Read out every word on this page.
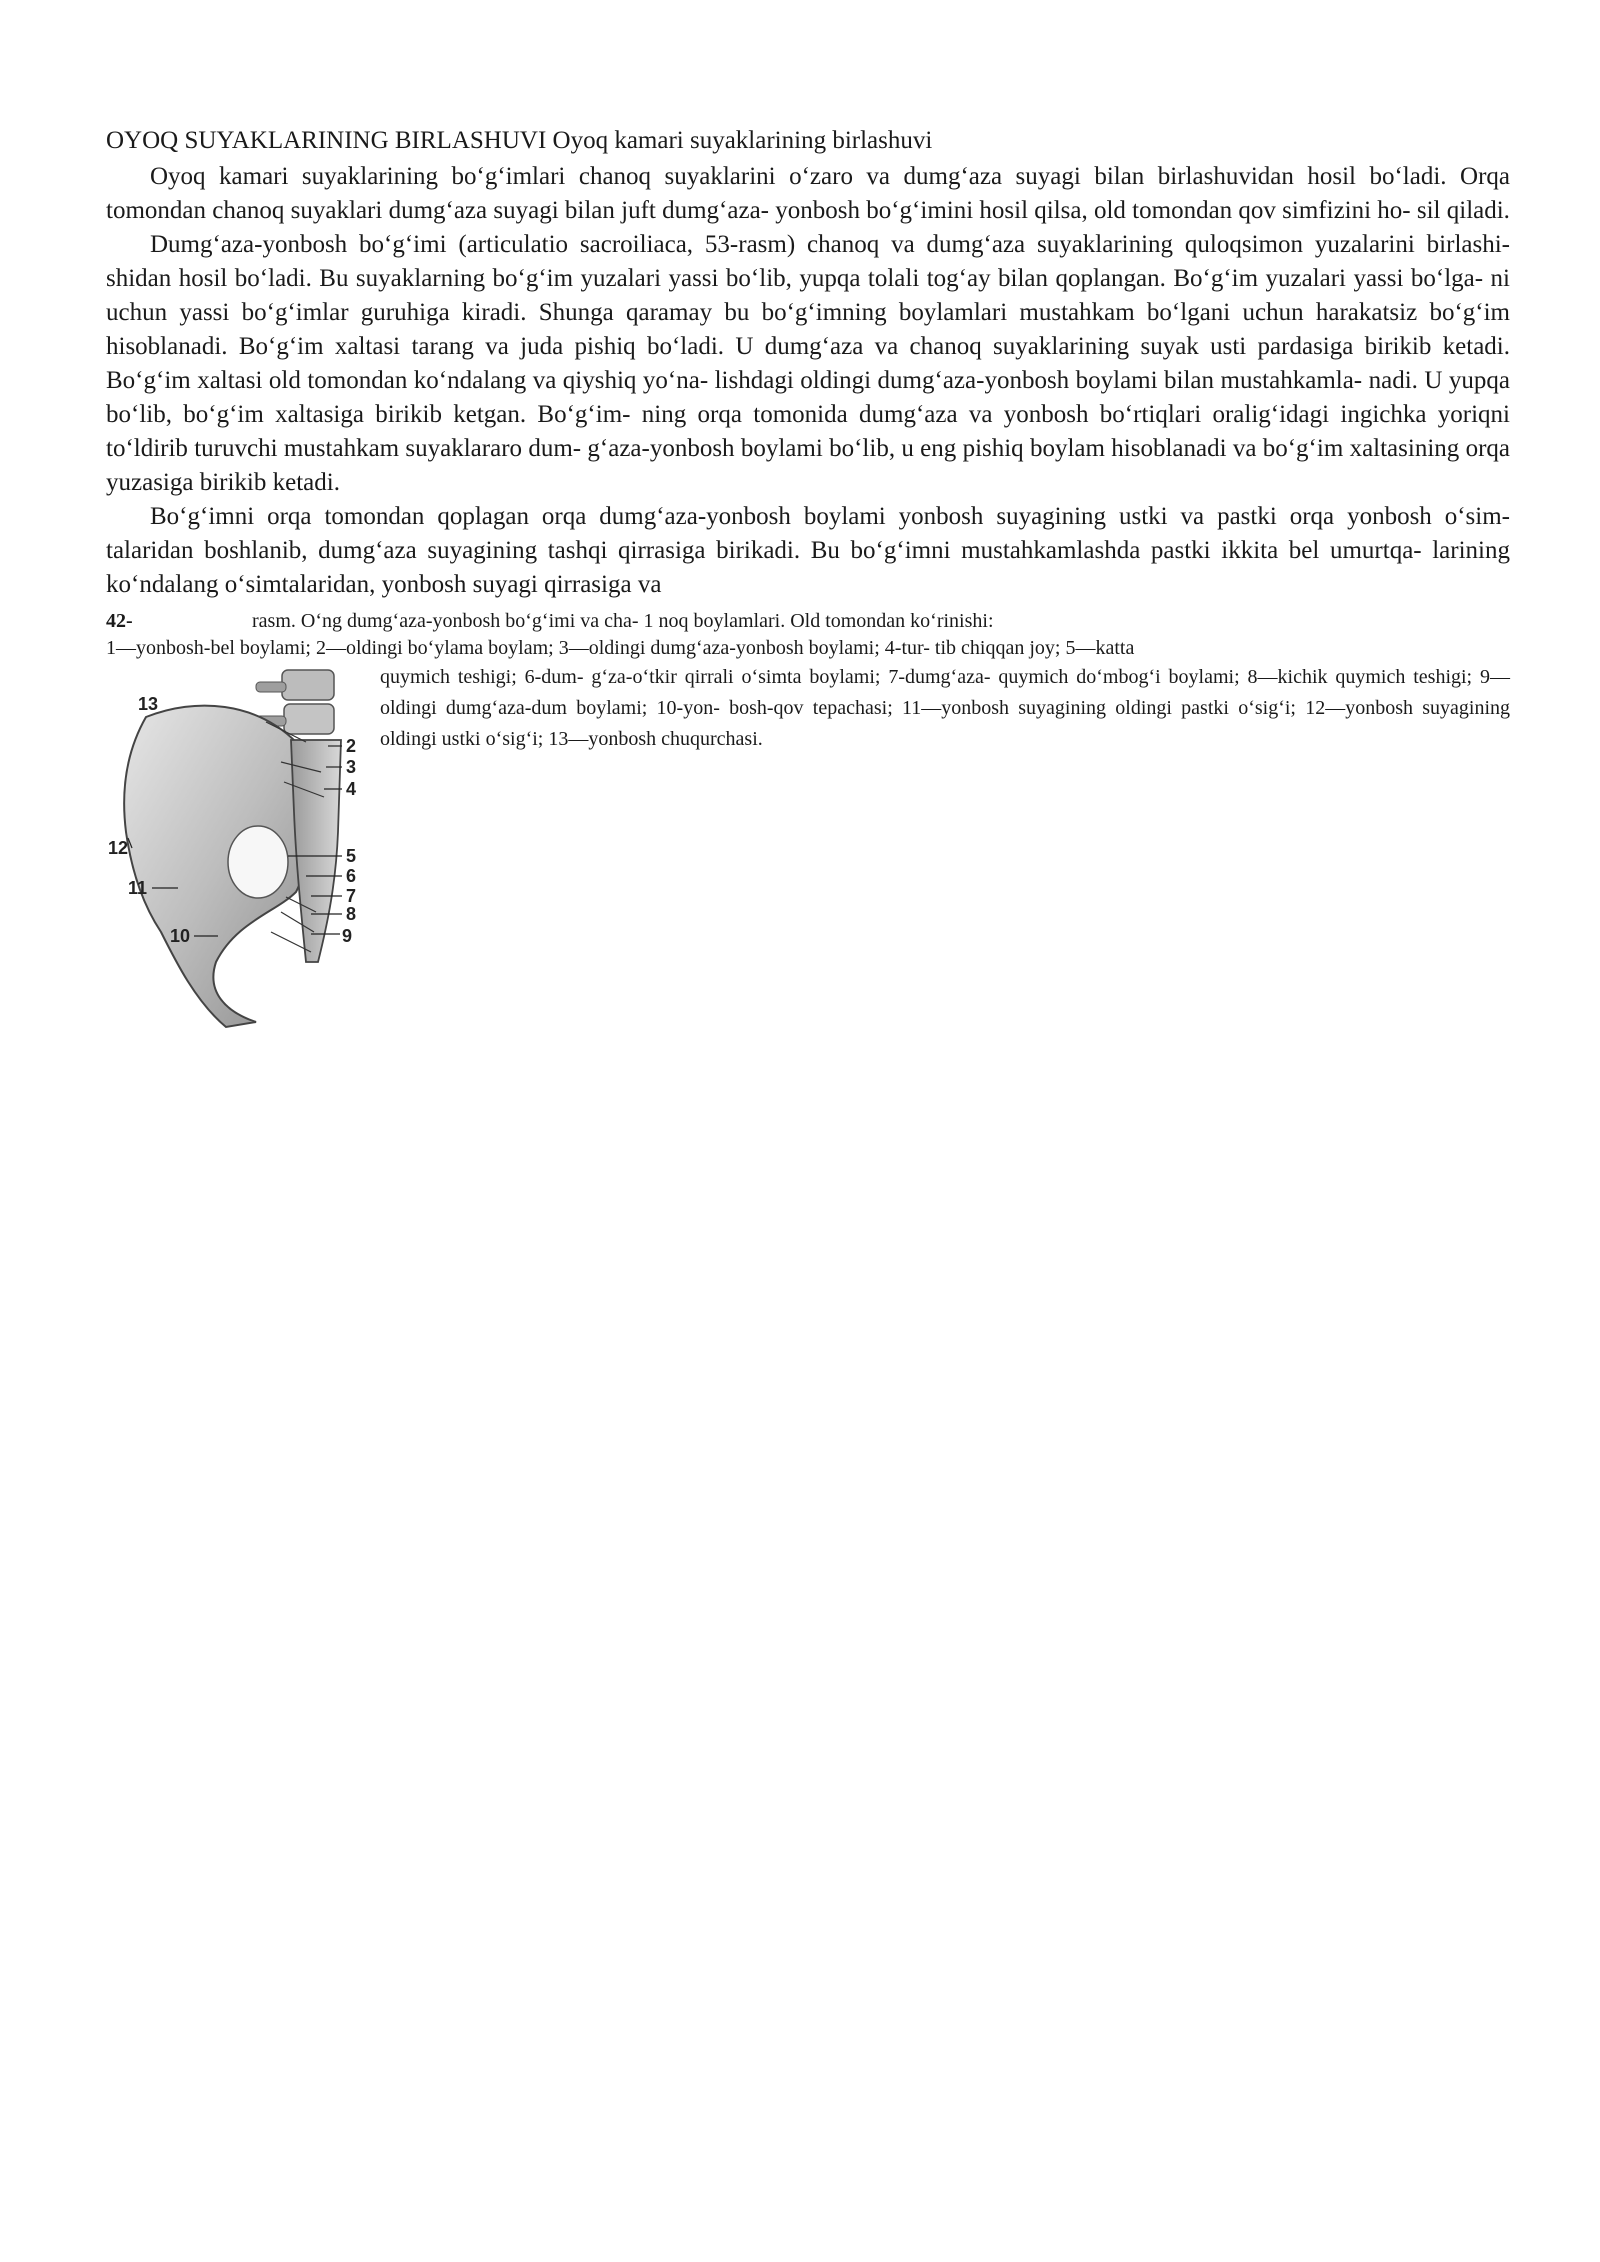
OYOQ SUYAKLARINING BIRLASHUVI Oyoq kamari suyaklarining birlashuvi

Oyoq kamari suyaklarining bo‘g‘imlari chanoq suyaklarini o‘zaro va dumg‘aza suyagi bilan birlashuvidan hosil bo‘ladi. Orqa tomondan chanoq suyaklari dumg‘aza suyagi bilan juft dumg‘aza- yonbosh bo‘g‘imini hosil qilsa, old tomondan qov simfizini ho- sil qiladi.

Dumg‘aza-yonbosh bo‘g‘imi (articulatio sacroiliaca, 53-rasm) chanoq va dumg‘aza suyaklarining quloqsimon yuzalarini birlashi- shidan hosil bo‘ladi. Bu suyaklarning bo‘g‘im yuzalari yassi bo‘lib, yupqa tolali tog‘ay bilan qoplangan. Bo‘g‘im yuzalari yassi bo‘lga- ni uchun yassi bo‘g‘imlar guruhiga kiradi. Shunga qaramay bu bo‘g‘imning boylamlari mustahkam bo‘lgani uchun harakatsiz bo‘g‘im hisoblanadi. Bo‘g‘im xaltasi tarang va juda pishiq bo‘ladi. U dumg‘aza va chanoq suyaklarining suyak usti pardasiga birikib ketadi. Bo‘g‘im xaltasi old tomondan ko‘ndalang va qiyshiq yo‘na- lishdagi oldingi dumg‘aza-yonbosh boylami bilan mustahkamla- nadi. U yupqa bo‘lib, bo‘g‘im xaltasiga birikib ketgan. Bo‘g‘im- ning orqa tomonida dumg‘aza va yonbosh bo‘rtiqlari oralig‘idagi ingichka yoriqni to‘ldirib turuvchi mustahkam suyaklararo dum- g‘aza-yonbosh boylami bo‘lib, u eng pishiq boylam hisoblanadi va bo‘g‘im xaltasining orqa yuzasiga birikib ketadi.

Bo‘g‘imni orqa tomondan qoplagan orqa dumg‘aza-yonbosh boylami yonbosh suyagining ustki va pastki orqa yonbosh o‘sim- talaridan boshlanib, dumg‘aza suyagining tashqi qirrasiga birikadi. Bu bo‘g‘imni mustahkamlashda pastki ikkita bel umurtqa- larining ko‘ndalang o‘simtalaridan, yonbosh suyagi qirrasiga va

42-	rasm. O‘ng dumg‘aza-yonbosh bo‘g‘imi va cha- 1 noq boylamlari. Old tomondan ko‘rinishi:

1—yonbosh-bel boylami; 2—oldingi bo‘ylama boylam; 3—oldingi dumg‘aza-yonbosh boylami; 4-tur- tib chiqqan joy; 5—katta

13
2
3
4
5
6
7
8
9
12
11
10

quymich teshigi; 6-dum- g‘za-o‘tkir qirrali o‘simta boylami; 7-dumg‘aza- quymich do‘mbog‘i boylami; 8—kichik quymich teshigi; 9—oldingi dumg‘aza-dum boylami; 10-yon- bosh-qov tepachasi; 11—yonbosh suyagining oldingi pastki o‘sig‘i; 12—yonbosh suyagining oldingi ustki o‘sig‘i; 13—yonbosh chuqurchasi.
